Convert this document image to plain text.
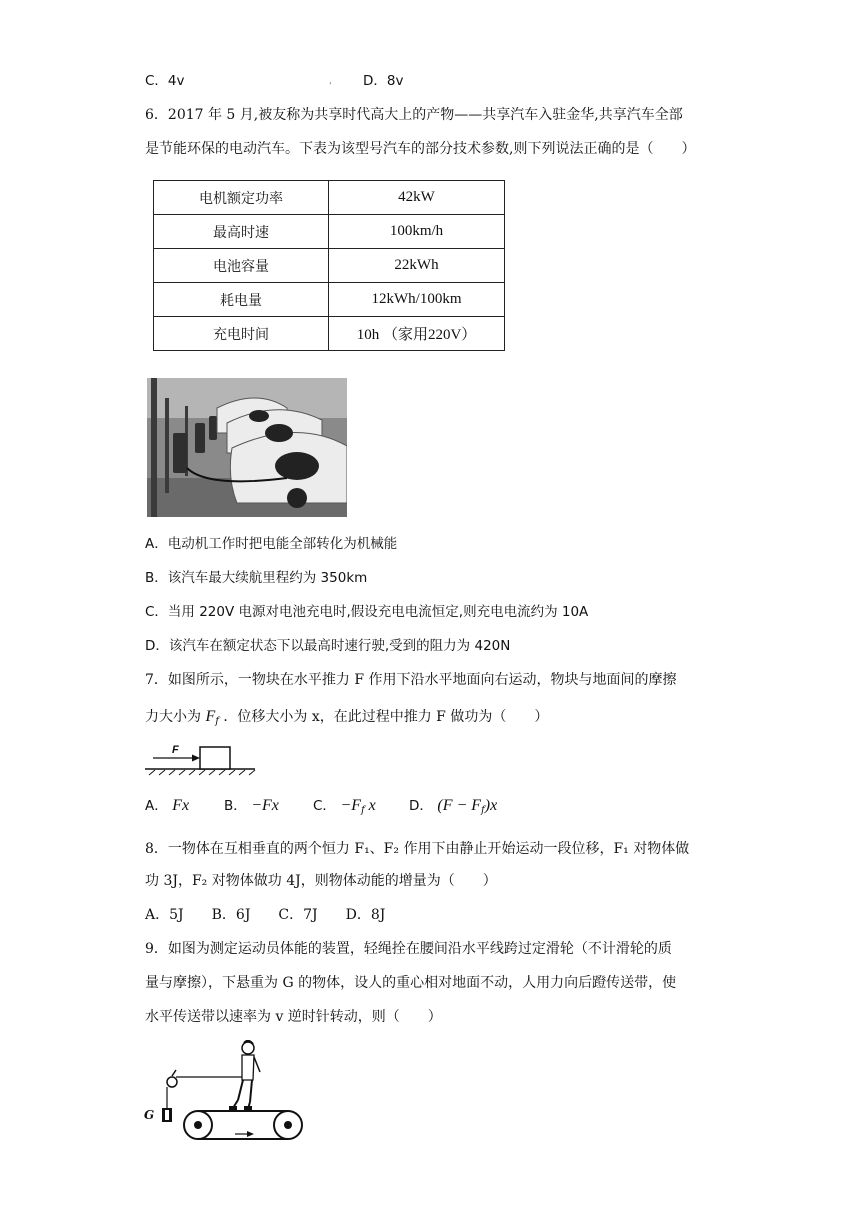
C．4v	， D．8v
6．2017 年 5 月,被友称为共享时代高大上的产物——共享汽车入驻金华,共享汽车全部
是节能环保的电动汽车。下表为该型号汽车的部分技术参数,则下列说法正确的是（　　）
电机额定功率	42kW
最高时速	100km/h
电池容量	22kWh
耗电量	12kWh/100km
充电时间	10h （家用220V）
A．电动机工作时把电能全部转化为机械能
B．该汽车最大续航里程约为 350km
C．当用 220V 电源对电池充电时,假设充电电流恒定,则充电电流约为 10A
D．该汽车在额定状态下以最高时速行驶,受到的阻力为 420N
7．如图所示，一物块在水平推力 F 作用下沿水平地面向右运动，物块与地面间的摩擦
力大小为 $F_f$ ．位移大小为 x，在此过程中推力 F 做功为（　　）
F
A． Fx	B． −Fx	C． $-F_f$ x D． $(F - F_f)x$
8．一物体在互相垂直的两个恒力 F₁、F₂ 作用下由静止开始运动一段位移，F₁ 对物体做
功 3J，F₂ 对物体做功 4J，则物体动能的增量为（　　）
A．5J　　B．6J　　C．7J　　D．8J
9．如图为测定运动员体能的装置，轻绳拴在腰间沿水平线跨过定滑轮（不计滑轮的质
量与摩擦），下悬重为 G 的物体，设人的重心相对地面不动，人用力向后蹬传送带，使
水平传送带以速率为 v 逆时针转动，则（　　）
G
